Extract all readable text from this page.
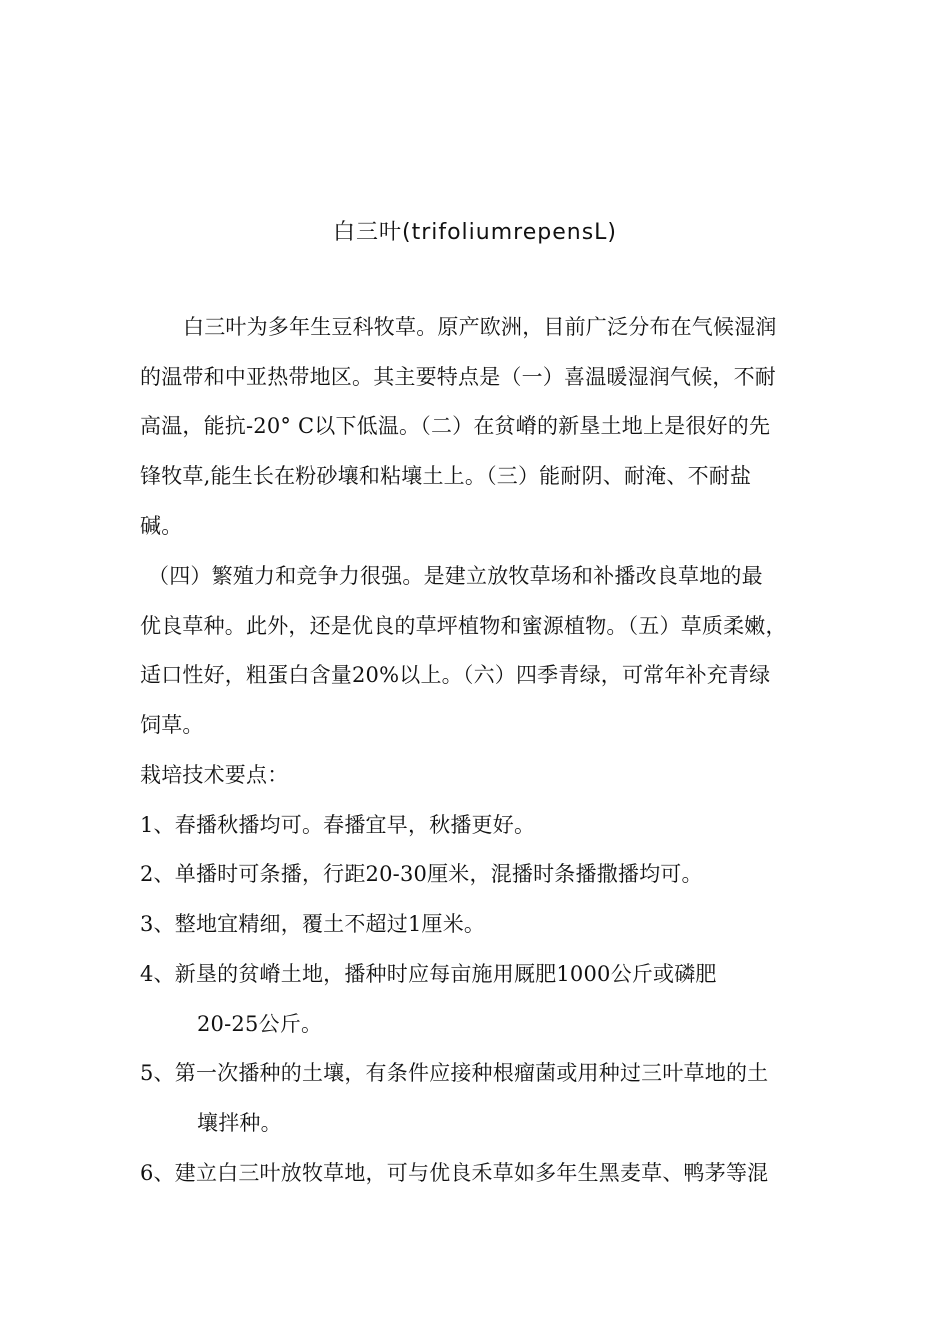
白三叶(trifoliumrepensL)
白三叶为多年生豆科牧草。原产欧洲，目前广泛分布在气候湿润
的温带和中亚热带地区。其主要特点是（一）喜温暖湿润气候，不耐
高温，能抗-20° C以下低温。（二）在贫嵴的新垦土地上是很好的先
锋牧草,能生长在粉砂壤和粘壤土上。（三）能耐阴、耐淹、不耐盐
碱。
（四）繁殖力和竞争力很强。是建立放牧草场和补播改良草地的最
优良草种。此外，还是优良的草坪植物和蜜源植物。（五）草质柔嫩，
适口性好，粗蛋白含量20%以上。（六）四季青绿，可常年补充青绿
饲草。
栽培技术要点：
1、春播秋播均可。春播宜早，秋播更好。
2、单播时可条播，行距20-30厘米，混播时条播撒播均可。
3、整地宜精细，覆土不超过1厘米。
4、新垦的贫嵴土地，播种时应每亩施用厩肥1000公斤或磷肥
20-25公斤。
5、第一次播种的土壤，有条件应接种根瘤菌或用种过三叶草地的土
壤拌种。
6、建立白三叶放牧草地，可与优良禾草如多年生黑麦草、鸭茅等混
